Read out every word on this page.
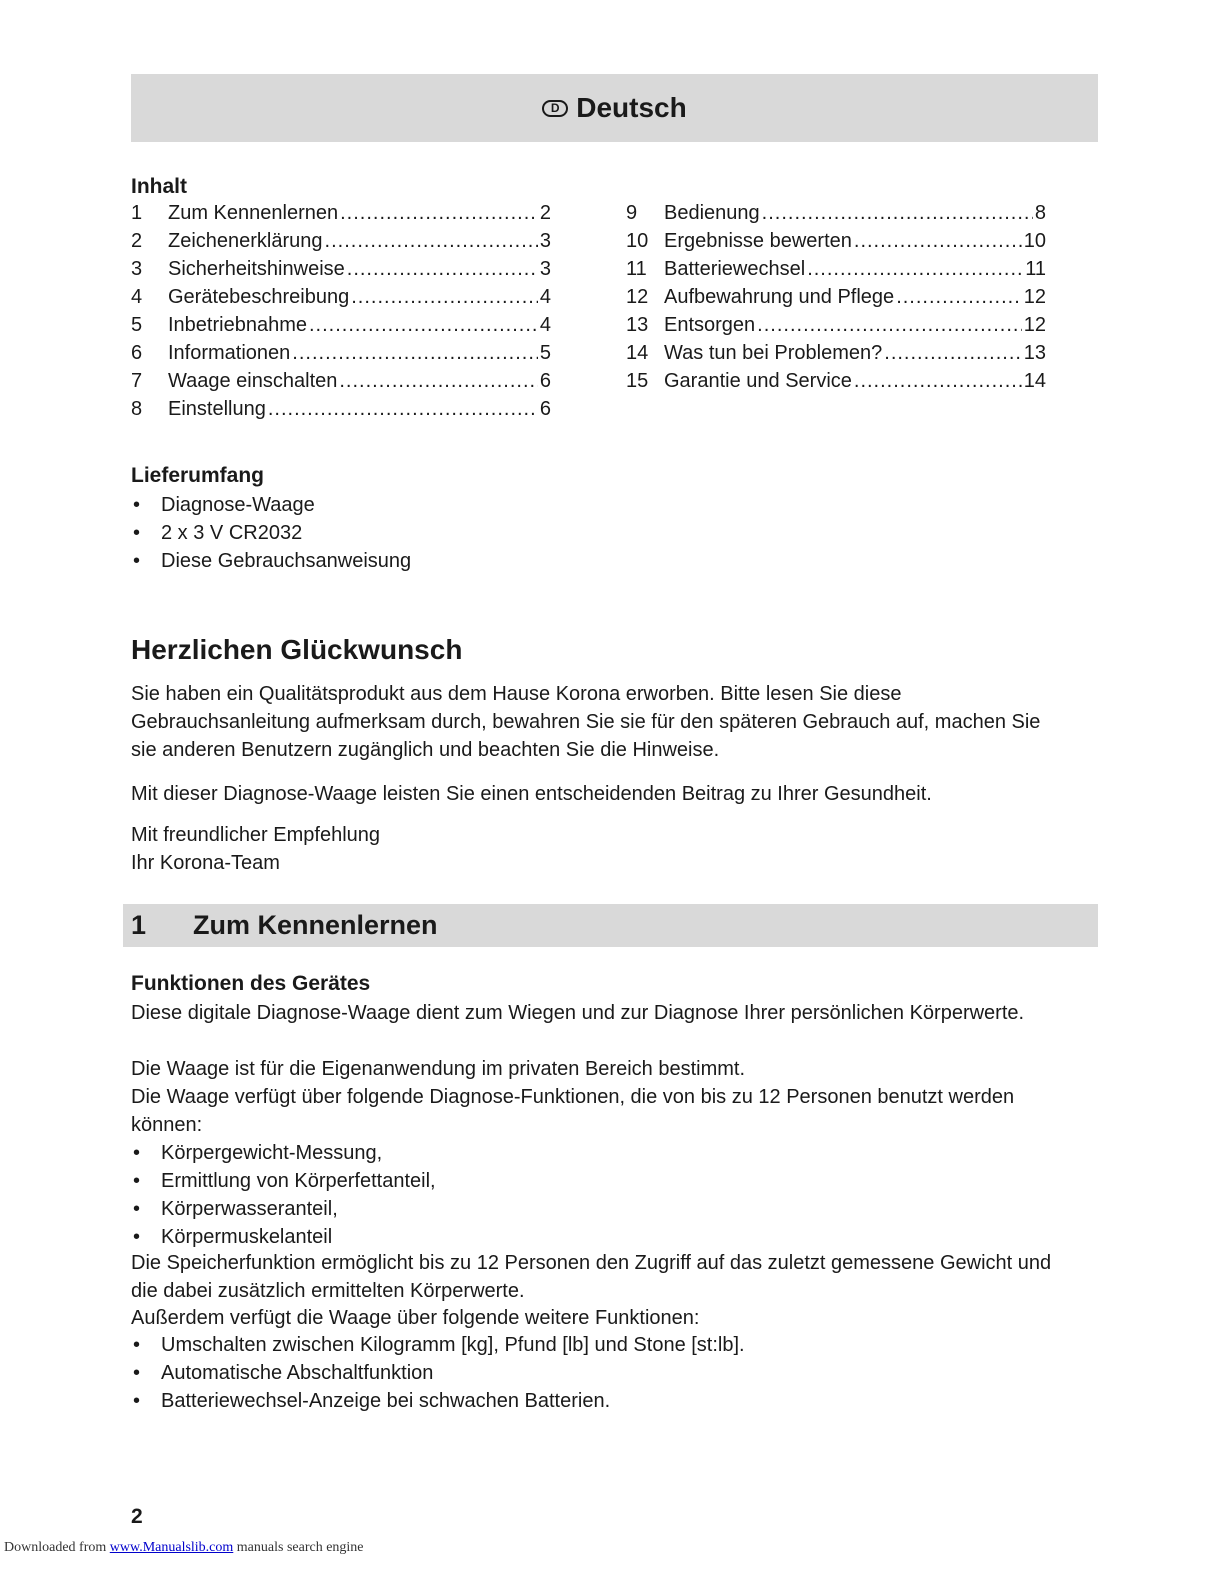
D Deutsch
Inhalt
1	Zum Kennenlernen .....	2
2	Zeichenerklärung .....	3
3	Sicherheitshinweise .....	3
4	Gerätebeschreibung .....	4
5	Inbetriebnahme .....	4
6	Informationen .....	5
7	Waage einschalten .....	6
8	Einstellung .....	6
9	Bedienung .....	8
10 Ergebnisse bewerten .....	10
11 Batteriewechsel .....	11
12 Aufbewahrung und Pflege .....	12
13 Entsorgen .....	12
14 Was tun bei Problemen? .....	13
15 Garantie und Service .....	14
Lieferumfang
• Diagnose-Waage
• 2 x 3 V CR2032
• Diese Gebrauchsanweisung
Herzlichen Glückwunsch

Sie haben ein Qualitätsprodukt aus dem Hause Korona erworben. Bitte lesen Sie diese Gebrauchsanleitung aufmerksam durch, bewahren Sie sie für den späteren Gebrauch auf, machen Sie sie anderen Benutzern zugänglich und beachten Sie die Hinweise.

Mit dieser Diagnose-Waage leisten Sie einen entscheidenden Beitrag zu Ihrer Gesundheit.

Mit freundlicher Empfehlung

Ihr Korona-Team

1	Zum Kennenlernen
Funktionen des Gerätes

Diese digitale Diagnose-Waage dient zum Wiegen und zur Diagnose Ihrer persönlichen Körperwerte.

Die Waage ist für die Eigenanwendung im privaten Bereich bestimmt.

Die Waage verfügt über folgende Diagnose-Funktionen, die von bis zu 12 Personen benutzt werden können:

• Körpergewicht-Messung,
• Ermittlung von Körperfettanteil,
• Körperwasseranteil,
• Körpermuskelanteil

Die Speicherfunktion ermöglicht bis zu 12 Personen den Zugriff auf das zuletzt gemessene Gewicht und die dabei zusätzlich ermittelten Körperwerte.

Außerdem verfügt die Waage über folgende weitere Funktionen:

• Umschalten zwischen Kilogramm [kg], Pfund [lb] und Stone [st:lb].
• Automatische Abschaltfunktion
• Batteriewechsel-Anzeige bei schwachen Batterien.
2
Downloaded from www.Manualslib.com manuals search engine
